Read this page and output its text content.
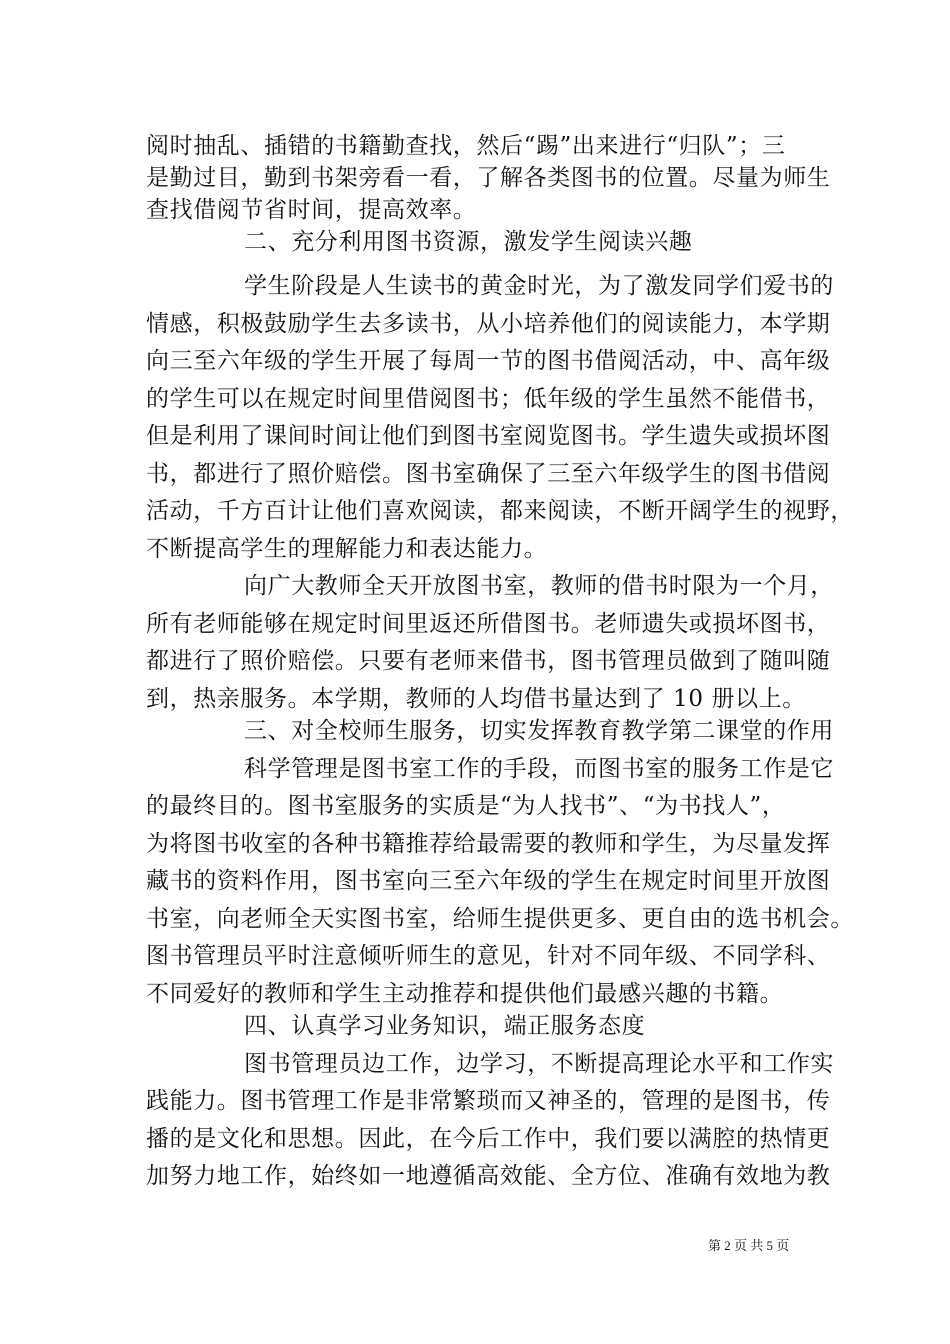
阅时抽乱、插错的书籍勤查找，然后“踢”出来进行“归队”；三
是勤过目，勤到书架旁看一看，了解各类图书的位置。尽量为师生
查找借阅节省时间，提高效率。
二、充分利用图书资源，激发学生阅读兴趣
学生阶段是人生读书的黄金时光，为了激发同学们爱书的
情感，积极鼓励学生去多读书，从小培养他们的阅读能力，本学期
向三至六年级的学生开展了每周一节的图书借阅活动，中、高年级
的学生可以在规定时间里借阅图书；低年级的学生虽然不能借书，
但是利用了课间时间让他们到图书室阅览图书。学生遗失或损坏图
书，都进行了照价赔偿。图书室确保了三至六年级学生的图书借阅
活动，千方百计让他们喜欢阅读，都来阅读，不断开阔学生的视野，
不断提高学生的理解能力和表达能力。
向广大教师全天开放图书室，教师的借书时限为一个月，
所有老师能够在规定时间里返还所借图书。老师遗失或损坏图书，
都进行了照价赔偿。只要有老师来借书，图书管理员做到了随叫随
到，热亲服务。本学期，教师的人均借书量达到了 10 册以上。
三、对全校师生服务，切实发挥教育教学第二课堂的作用
科学管理是图书室工作的手段，而图书室的服务工作是它
的最终目的。图书室服务的实质是“为人找书”、“为书找人”，
为将图书收室的各种书籍推荐给最需要的教师和学生，为尽量发挥
藏书的资料作用，图书室向三至六年级的学生在规定时间里开放图
书室，向老师全天实图书室，给师生提供更多、更自由的选书机会。
图书管理员平时注意倾听师生的意见，针对不同年级、不同学科、
不同爱好的教师和学生主动推荐和提供他们最感兴趣的书籍。
四、认真学习业务知识，端正服务态度
图书管理员边工作，边学习，不断提高理论水平和工作实
践能力。图书管理工作是非常繁琐而又神圣的，管理的是图书，传
播的是文化和思想。因此，在今后工作中，我们要以满腔的热情更
加努力地工作，始终如一地遵循高效能、全方位、准确有效地为教
第 2 页 共 5 页
